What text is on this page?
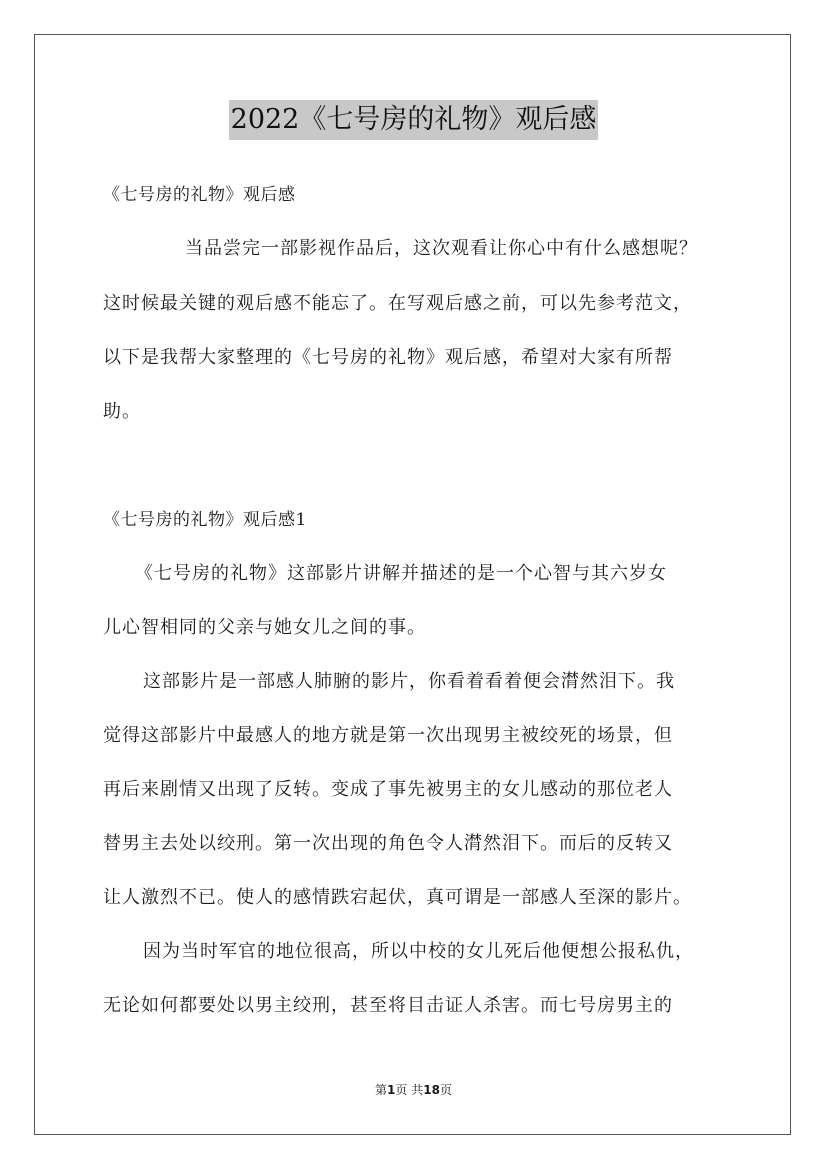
2022《七号房的礼物》观后感
《七号房的礼物》观后感
当品尝完一部影视作品后，这次观看让你心中有什么感想呢？
这时候最关键的观后感不能忘了。在写观后感之前，可以先参考范文，
以下是我帮大家整理的《七号房的礼物》观后感，希望对大家有所帮
助。
《七号房的礼物》观后感1
《七号房的礼物》这部影片讲解并描述的是一个心智与其六岁女
儿心智相同的父亲与她女儿之间的事。
这部影片是一部感人肺腑的影片，你看着看着便会潸然泪下。我
觉得这部影片中最感人的地方就是第一次出现男主被绞死的场景，但
再后来剧情又出现了反转。变成了事先被男主的女儿感动的那位老人
替男主去处以绞刑。第一次出现的角色令人潸然泪下。而后的反转又
让人激烈不已。使人的感情跌宕起伏，真可谓是一部感人至深的影片。
因为当时军官的地位很高，所以中校的女儿死后他便想公报私仇，
无论如何都要处以男主绞刑，甚至将目击证人杀害。而七号房男主的
第1页 共18页
